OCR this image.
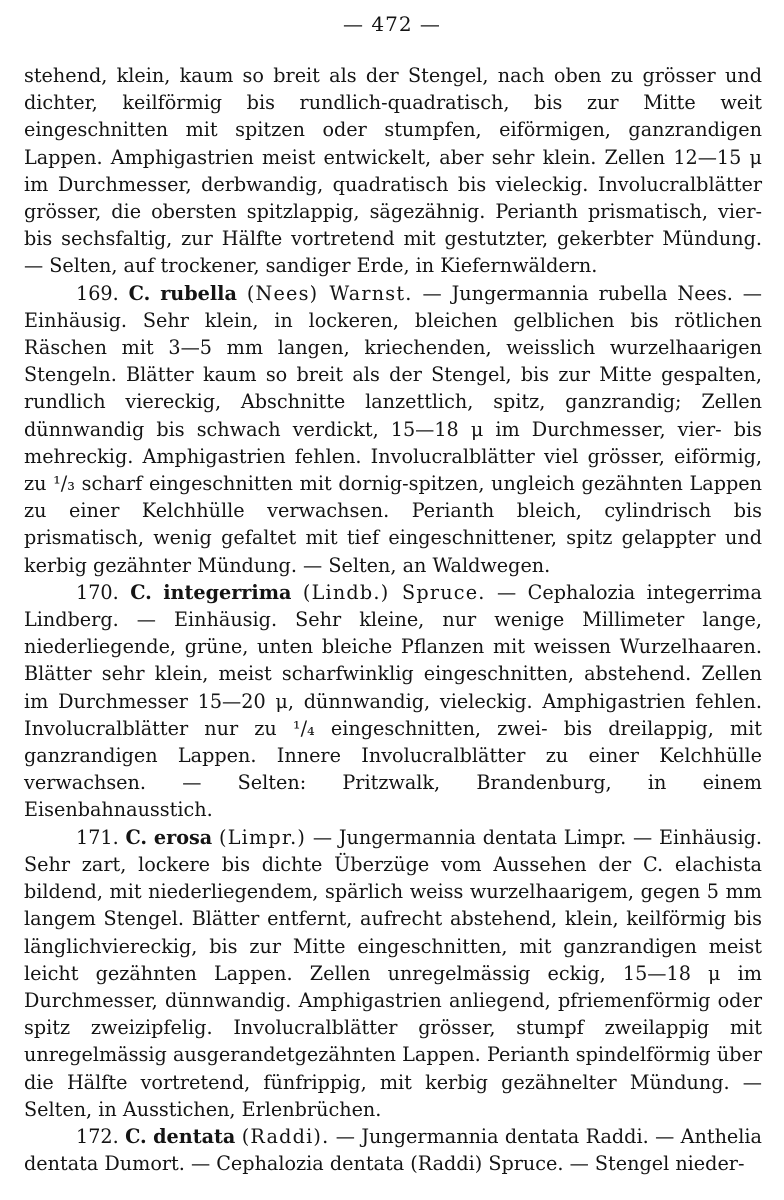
— 472 —

stehend, klein, kaum so breit als der Stengel, nach oben zu grösser und dichter, keilförmig bis rundlich-quadratisch, bis zur Mitte weit eingeschnitten mit spitzen oder stumpfen, eiförmigen, ganzrandigen Lappen. Amphigastrien meist entwickelt, aber sehr klein. Zellen 12—15 μ im Durchmesser, derbwandig, quadratisch bis vieleckig. Involucralblätter grösser, die obersten spitzlappig, sägezähnig. Perianth prismatisch, vier- bis sechsfaltig, zur Hälfte vortretend mit gestutzter, gekerbter Mündung. — Selten, auf trockener, sandiger Erde, in Kiefernwäldern.

169. C. rubella (Nees) Warnst. — Jungermannia rubella Nees. — Einhäusig. Sehr klein, in lockeren, bleichen gelblichen bis rötlichen Räschen mit 3—5 mm langen, kriechenden, weisslich wurzelhaarigen Stengeln. Blätter kaum so breit als der Stengel, bis zur Mitte gespalten, rundlich viereckig, Abschnitte lanzettlich, spitz, ganzrandig; Zellen dünnwandig bis schwach verdickt, 15—18 μ im Durchmesser, vier- bis mehreckig. Amphigastrien fehlen. Involucralblätter viel grösser, eiförmig, zu ¹/₃ scharf eingeschnitten mit dornig-spitzen, ungleich gezähnten Lappen zu einer Kelchhülle verwachsen. Perianth bleich, cylindrisch bis prismatisch, wenig gefaltet mit tief eingeschnittener, spitz gelappter und kerbig gezähnter Mündung. — Selten, an Waldwegen.

170. C. integerrima (Lindb.) Spruce. — Cephalozia integerrima Lindberg. — Einhäusig. Sehr kleine, nur wenige Millimeter lange, niederliegende, grüne, unten bleiche Pflanzen mit weissen Wurzelhaaren. Blätter sehr klein, meist scharfwinklig eingeschnitten, abstehend. Zellen im Durchmesser 15—20 μ, dünnwandig, vieleckig. Amphigastrien fehlen. Involucralblätter nur zu ¹/₄ eingeschnitten, zwei- bis dreilappig, mit ganzrandigen Lappen. Innere Involucralblätter zu einer Kelchhülle verwachsen. — Selten: Pritzwalk, Brandenburg, in einem Eisenbahnausstich.

171. C. erosa (Limpr.) — Jungermannia dentata Limpr. — Einhäusig. Sehr zart, lockere bis dichte Überzüge vom Aussehen der C. elachista bildend, mit niederliegendem, spärlich weiss wurzelhaarigem, gegen 5 mm langem Stengel. Blätter entfernt, aufrecht abstehend, klein, keilförmig bis länglichviereckig, bis zur Mitte eingeschnitten, mit ganzrandigen meist leicht gezähnten Lappen. Zellen unregelmässig eckig, 15—18 μ im Durchmesser, dünnwandig. Amphigastrien anliegend, pfriemenförmig oder spitz zweizipfelig. Involucralblätter grösser, stumpf zweilappig mit unregelmässig ausgerandetgezähnten Lappen. Perianth spindelförmig über die Hälfte vortretend, fünfrippig, mit kerbig gezähnelter Mündung. — Selten, in Ausstichen, Erlenbrüchen.

172. C. dentata (Raddi). — Jungermannia dentata Raddi. — Anthelia dentata Dumort. — Cephalozia dentata (Raddi) Spruce. — Stengel nieder-
